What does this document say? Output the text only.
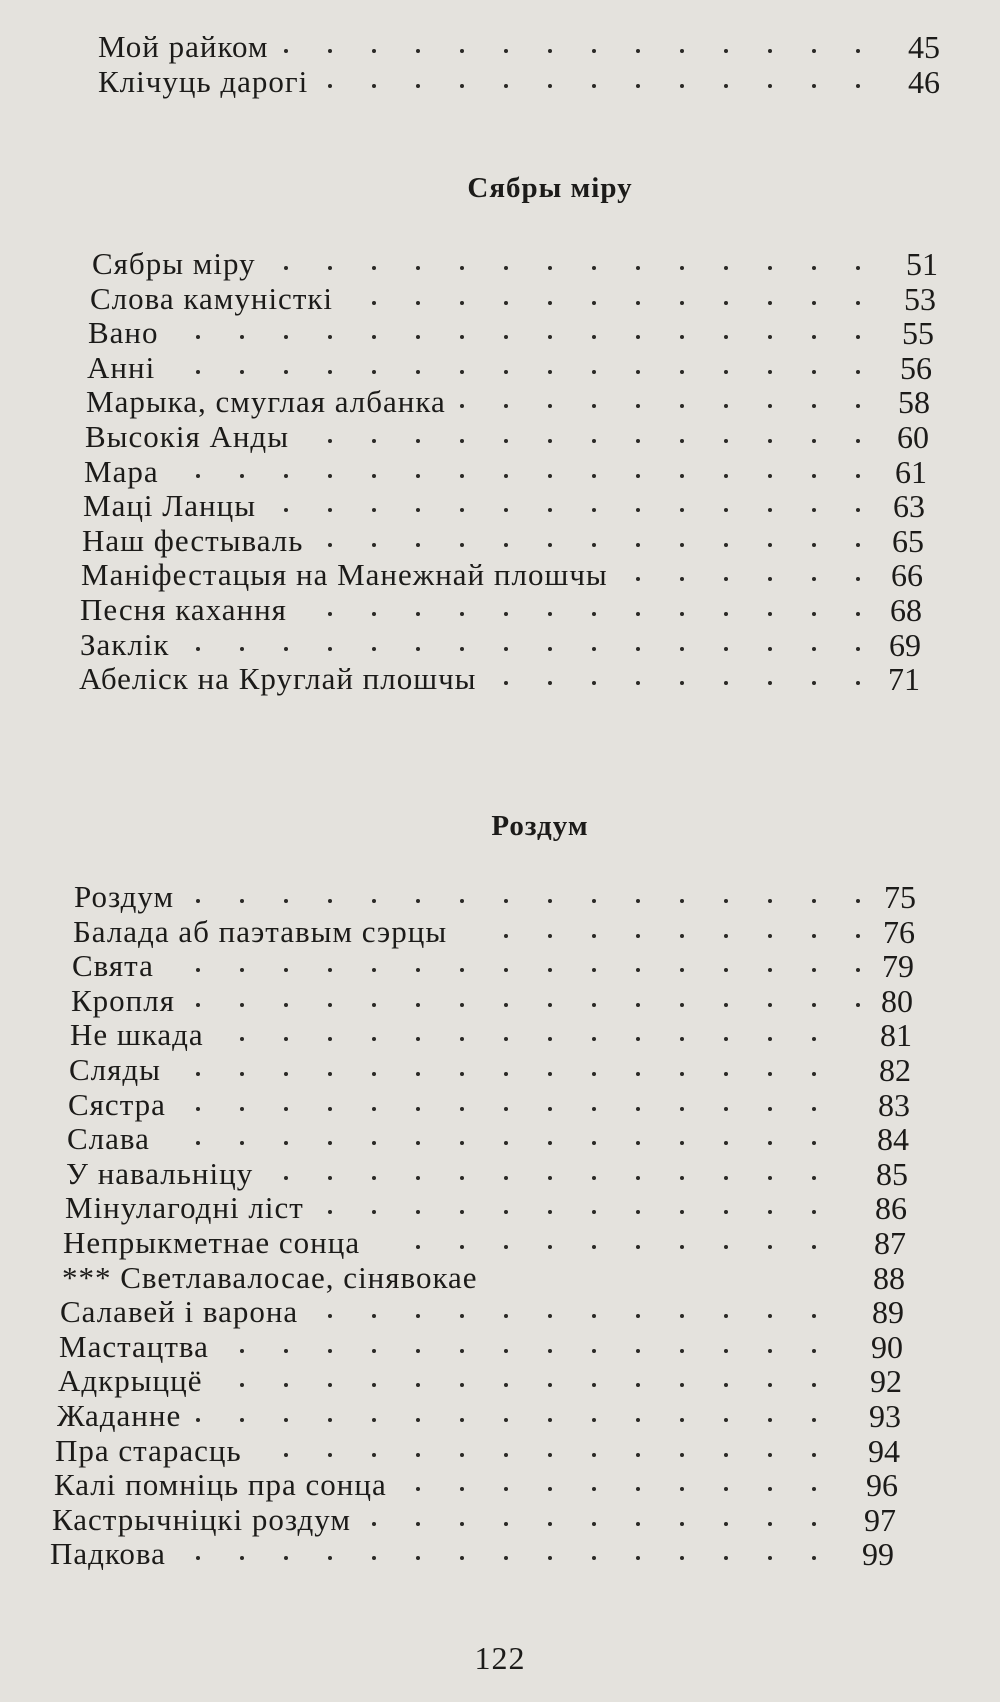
Мой райком	45
Клічуць дарогі	46
Сябры міру
Сябры міру	51
Слова камуністкі	53
Вано	55
Анні	56
Марыка, смуглая албанка	58
Высокія Анды	60
Мара	61
Маці Ланцы	63
Наш фестываль	65
Маніфестацыя на Манежнай плошчы	66
Песня кахання	68
Заклік	69
Абеліск на Круглай плошчы	71
Роздум
Роздум	75
Балада аб паэтавым сэрцы	76
Свята	79
Кропля	80
Не шкада	81
Сляды	82
Сястра	83
Слава	84
У навальніцу	85
Мінулагодні ліст	86
Непрыкметнае сонца	87
*** Светлавалосае, сінявокае	88
Салавей і варона	89
Мастацтва	90
Адкрыццё	92
Жаданне	93
Пра старасць	94
Калі помніць пра сонца	96
Кастрычніцкі роздум	97
Падкова	99
122
